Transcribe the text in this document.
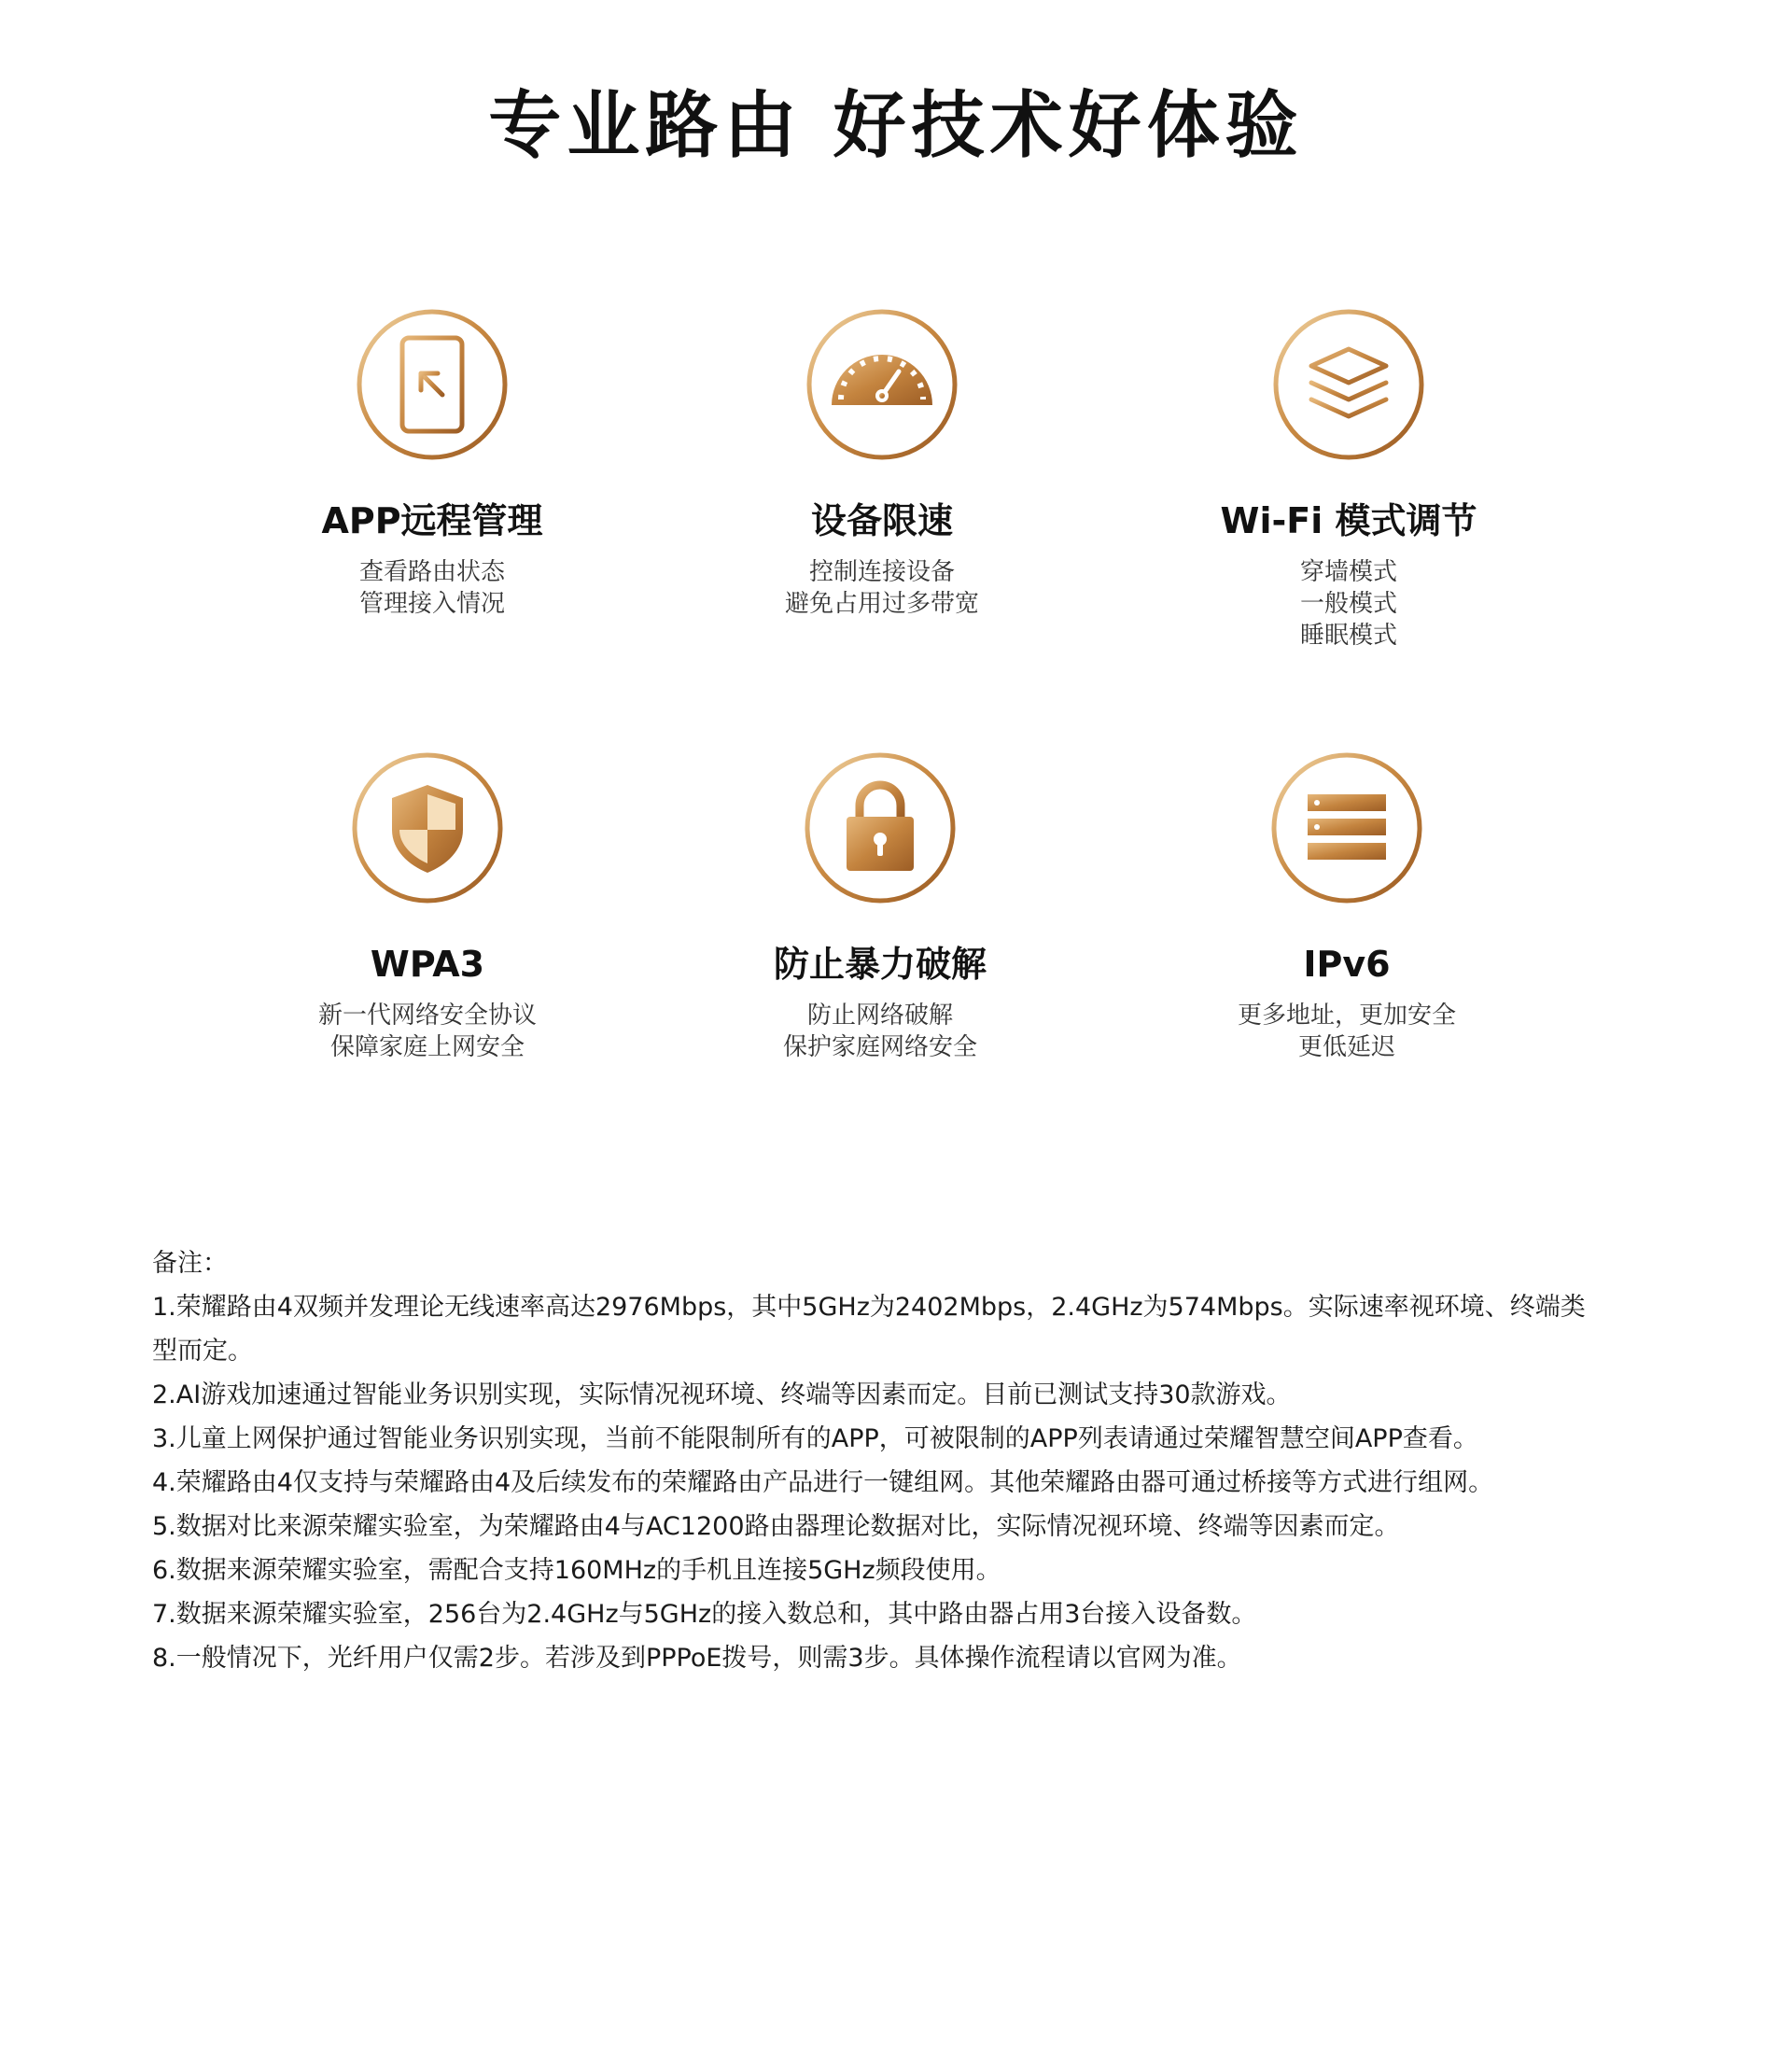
专业路由 好技术好体验
APP远程管理
查看路由状态
管理接入情况
设备限速
控制连接设备
避免占用过多带宽
Wi-Fi 模式调节
穿墙模式
一般模式
睡眠模式
WPA3
新一代网络安全协议
保障家庭上网安全
防止暴力破解
防止网络破解
保护家庭网络安全
IPv6
更多地址，更加安全
更低延迟
备注：
1.荣耀路由4双频并发理论无线速率高达2976Mbps，其中5GHz为2402Mbps，2.4GHz为574Mbps。实际速率视环境、终端类
型而定。
2.AI游戏加速通过智能业务识别实现，实际情况视环境、终端等因素而定。目前已测试支持30款游戏。
3.儿童上网保护通过智能业务识别实现，当前不能限制所有的APP，可被限制的APP列表请通过荣耀智慧空间APP查看。
4.荣耀路由4仅支持与荣耀路由4及后续发布的荣耀路由产品进行一键组网。其他荣耀路由器可通过桥接等方式进行组网。
5.数据对比来源荣耀实验室，为荣耀路由4与AC1200路由器理论数据对比，实际情况视环境、终端等因素而定。
6.数据来源荣耀实验室，需配合支持160MHz的手机且连接5GHz频段使用。
7.数据来源荣耀实验室，256台为2.4GHz与5GHz的接入数总和，其中路由器占用3台接入设备数。
8.一般情况下，光纤用户仅需2步。若涉及到PPPoE拨号，则需3步。具体操作流程请以官网为准。
